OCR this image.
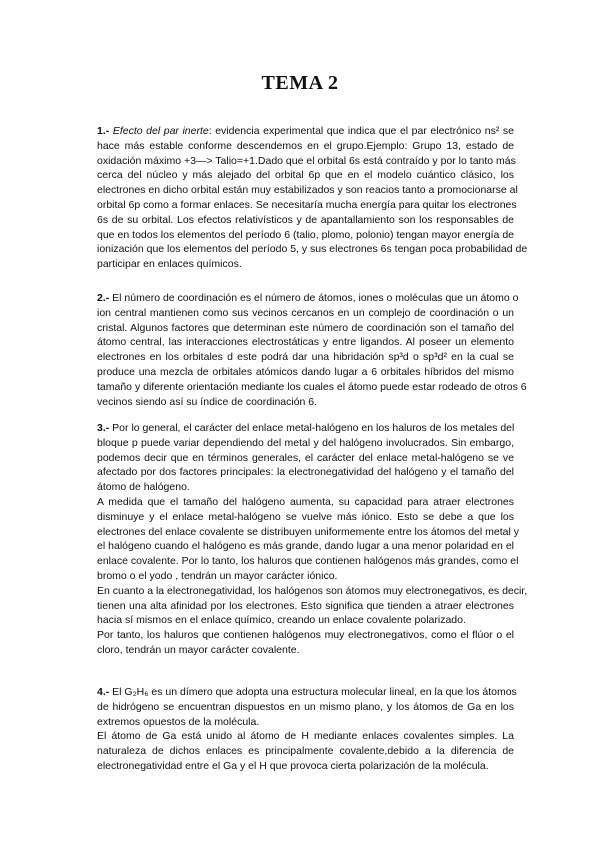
TEMA 2
1.- Efecto del par inerte: evidencia experimental que indica que el par electrónico ns² se
hace más estable conforme descendemos en el grupo.Ejemplo: Grupo 13, estado de
oxidación máximo +3—> Talio=+1.Dado que el orbital 6s está contraído y por lo tanto más
cerca del núcleo y más alejado del orbital 6p que en el modelo cuántico clásico, los
electrones en dicho orbital están muy estabilizados y son reacios tanto a promocionarse al
orbital 6p como a formar enlaces. Se necesitaría mucha energía para quitar los electrones
6s de su orbital. Los efectos relativísticos y de apantallamiento son los responsables de
que en todos los elementos del período 6 (talio, plomo, polonio) tengan mayor energía de
ionización que los elementos del período 5, y sus electrones 6s tengan poca probabilidad de
participar en enlaces químicos.
2.- El número de coordinación es el número de átomos, iones o moléculas que un átomo o
ion central mantienen como sus vecinos cercanos en un complejo de coordinación o un
cristal. Algunos factores que determinan este número de coordinación son el tamaño del
átomo central, las interacciones electrostáticas y entre ligandos. Al poseer un elemento
electrones en los orbitales d este podrá dar una hibridación sp³d o sp³d² en la cual se
produce una mezcla de orbitales atómicos dando lugar a 6 orbitales híbridos del mismo
tamaño y diferente orientación mediante los cuales el átomo puede estar rodeado de otros 6
vecinos siendo así su índice de coordinación 6.
3.- Por lo general, el carácter del enlace metal-halógeno en los haluros de los metales del
bloque p puede variar dependiendo del metal y del halógeno involucrados. Sin embargo,
podemos decir que en términos generales, el carácter del enlace metal-halógeno se ve
afectado por dos factores principales: la electronegatividad del halógeno y el tamaño del
átomo de halógeno.
A medida que el tamaño del halógeno aumenta, su capacidad para atraer electrones
disminuye y el enlace metal-halógeno se vuelve más iónico. Esto se debe a que los
electrones del enlace covalente se distribuyen uniformemente entre los átomos del metal y
el halógeno cuando el halógeno es más grande, dando lugar a una menor polaridad en el
enlace covalente. Por lo tanto, los haluros que contienen halógenos más grandes, como el
bromo o el yodo , tendrán un mayor carácter iónico.
En cuanto a la electronegatividad, los halógenos son átomos muy electronegativos, es decir,
tienen una alta afinidad por los electrones. Esto significa que tienden a atraer electrones
hacia sí mismos en el enlace químico, creando un enlace covalente polarizado.
Por tanto, los haluros que contienen halógenos muy electronegativos, como el flúor o el
cloro, tendrán un mayor carácter covalente.
4.- El G₂H₆ es un dímero que adopta una estructura molecular lineal, en la que los átomos
de hidrógeno se encuentran dispuestos en un mismo plano, y los átomos de Ga en los
extremos opuestos de la molécula.
El átomo de Ga está unido al átomo de H mediante enlaces covalentes simples. La
naturaleza de dichos enlaces es principalmente covalente,debido a la diferencia de
electronegatividad entre el Ga y el H que provoca cierta polarización de la molécula.
